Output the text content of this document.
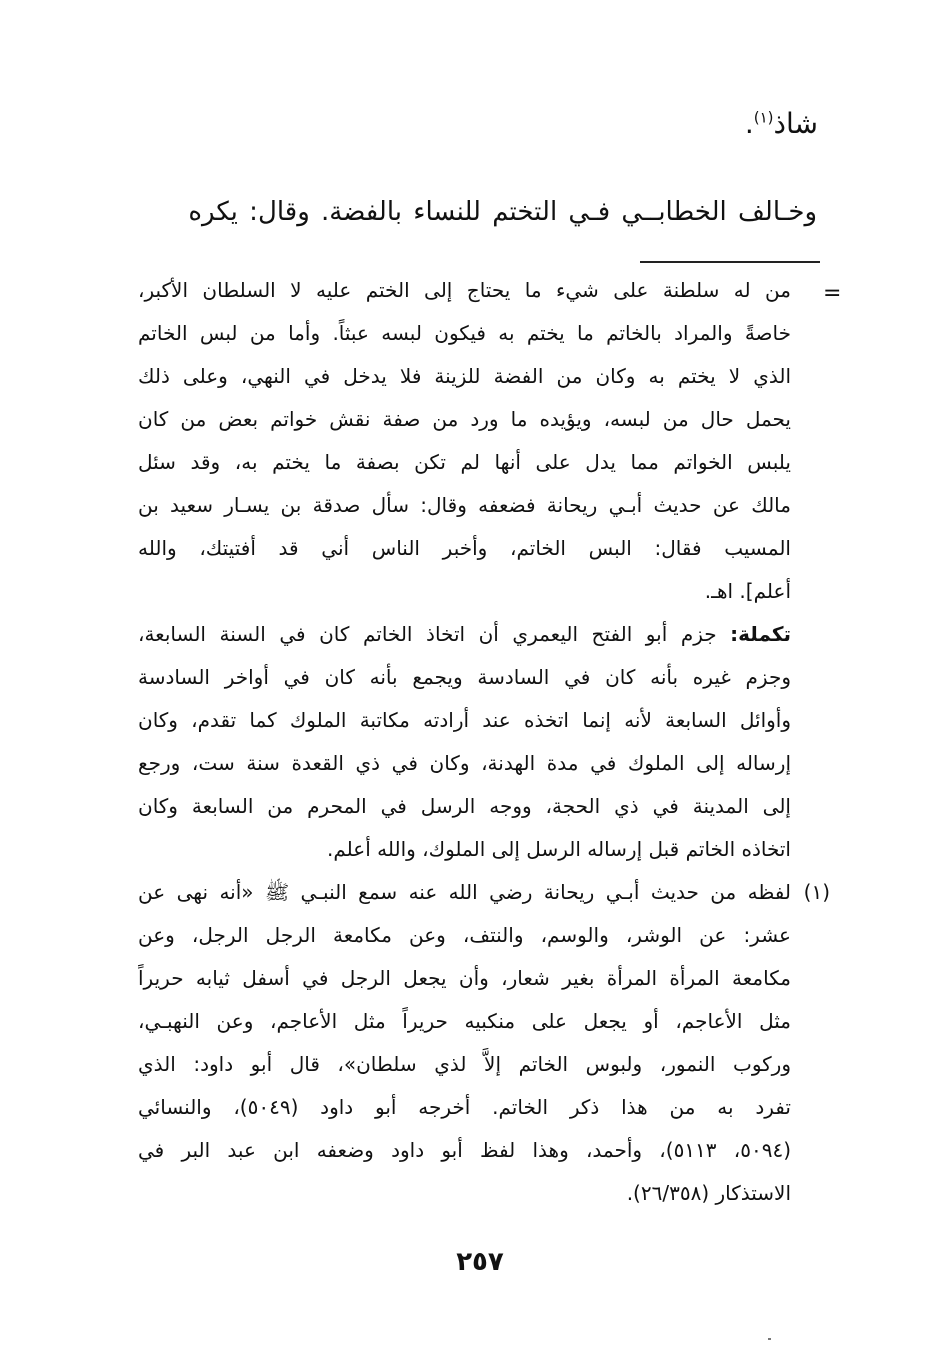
شاذ$^{(١)}$.
وخـالف الخطابــي فـي التختم للنساء بالفضة. وقال: يكره
=
(١)
من له سلطنة على شيء ما يحتاج إلى الختم عليه لا السلطان الأكبر،
خاصةً والمراد بالخاتم ما يختم به فيكون لبسه عبثاً. وأما من لبس الخاتم
الذي لا يختم به وكان من الفضة للزينة فلا يدخل في النهي، وعلى ذلك
يحمل حال من لبسه، ويؤيده ما ورد من صفة نقش خواتم بعض من كان
يلبس الخواتم مما يدل على أنها لم تكن بصفة ما يختم به، وقد سئل
مالك عن حديث أبـي ريحانة فضعفه وقال: سأل صدقة بن يسـار سعيد بن
المسيب فقال: البس الخاتم، وأخبر الناس أني قد أفتيتك، والله
أعلم]. اهـ.
تكملة: جزم أبو الفتح اليعمري أن اتخاذ الخاتم كان في السنة السابعة،
وجزم غيره بأنه كان في السادسة ويجمع بأنه كان في أواخر السادسة
وأوائل السابعة لأنه إنما اتخذه عند أرادته مكاتبة الملوك كما تقدم، وكان
إرساله إلى الملوك في مدة الهدنة، وكان في ذي القعدة سنة ست، ورجع
إلى المدينة في ذي الحجة، ووجه الرسل في المحرم من السابعة وكان
اتخاذه الخاتم قبل إرساله الرسل إلى الملوك، والله أعلم.
لفظه من حديث أبـي ريحانة رضي الله عنه سمع النبـي ﷺ «أنه نهى عن
عشر: عن الوشر، والوسم، والنتف، وعن مكامعة الرجل الرجل، وعن
مكامعة المرأة المرأة بغير شعار، وأن يجعل الرجل في أسفل ثيابه حريراً
مثل الأعاجم، أو يجعل على منكبيه حريراً مثل الأعاجم، وعن النهبـي،
وركوب النمور، ولبوس الخاتم إلاَّ لذي سلطان»، قال أبو داود: الذي
تفرد به من هذا ذكر الخاتم. أخرجه أبو داود (٥٠٤٩)، والنسائي
(٥٠٩٤، ٥١١٣)، وأحمد، وهذا لفظ أبو داود وضعفه ابن عبد البر في
الاستذكار (٢٦/٣٥٨).
٢٥٧
